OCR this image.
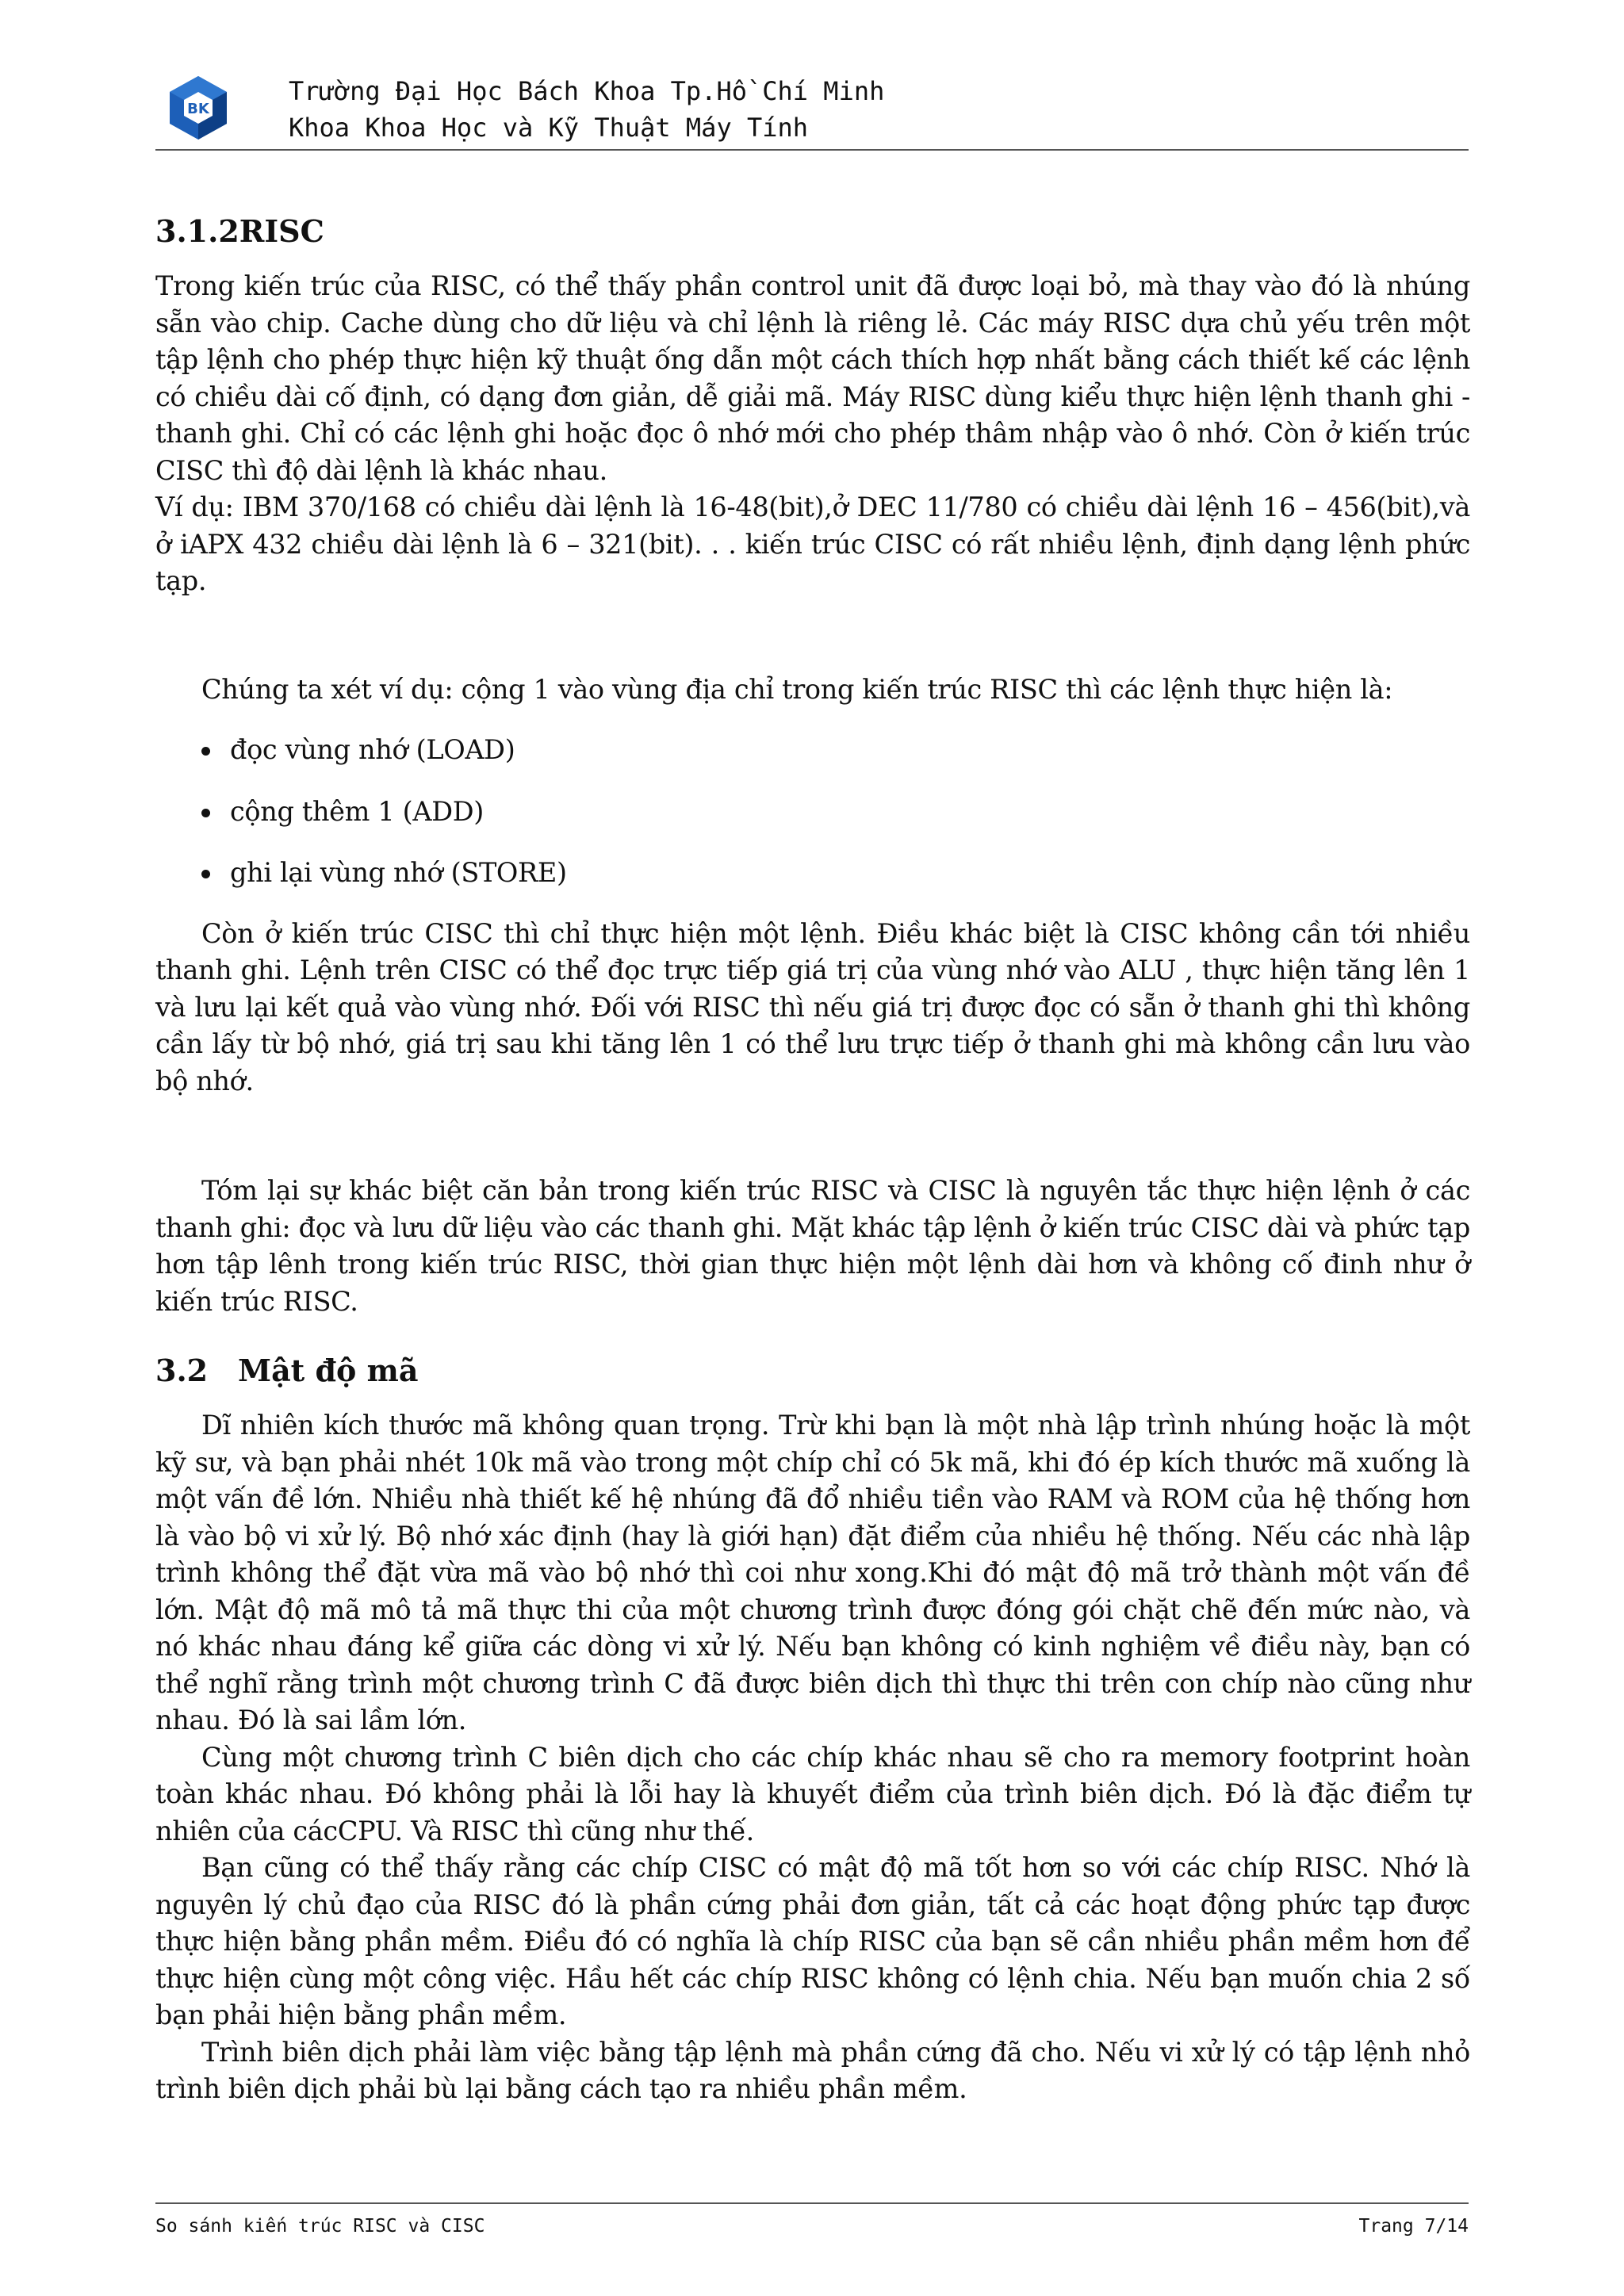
BK
Trường Đại Học Bách Khoa Tp.Hồ Chí Minh
Khoa Khoa Học và Kỹ Thuật Máy Tính
3.1.2RISC

Trong kiến trúc của RISC, có thể thấy phần control unit đã được loại bỏ, mà thay vào đó là nhúng sẵn vào chip. Cache dùng cho dữ liệu và chỉ lệnh là riêng lẻ. Các máy RISC dựa chủ yếu trên một tập lệnh cho phép thực hiện kỹ thuật ống dẫn một cách thích hợp nhất bằng cách thiết kế các lệnh có chiều dài cố định, có dạng đơn giản, dễ giải mã. Máy RISC dùng kiểu thực hiện lệnh thanh ghi - thanh ghi. Chỉ có các lệnh ghi hoặc đọc ô nhớ mới cho phép thâm nhập vào ô nhớ. Còn ở kiến trúc CISC thì độ dài lệnh là khác nhau.

Ví dụ: IBM 370/168 có chiều dài lệnh là 16-48(bit),ở DEC 11/780 có chiều dài lệnh 16 – 456(bit),và ở iAPX 432 chiều dài lệnh là 6 – 321(bit). . . kiến trúc CISC có rất nhiều lệnh, định dạng lệnh phức tạp.

Chúng ta xét ví dụ: cộng 1 vào vùng địa chỉ trong kiến trúc RISC thì các lệnh thực hiện là:

đọc vùng nhớ (LOAD)
cộng thêm 1 (ADD)
ghi lại vùng nhớ (STORE)

Còn ở kiến trúc CISC thì chỉ thực hiện một lệnh. Điều khác biệt là CISC không cần tới nhiều thanh ghi. Lệnh trên CISC có thể đọc trực tiếp giá trị của vùng nhớ vào ALU , thực hiện tăng lên 1 và lưu lại kết quả vào vùng nhớ. Đối với RISC thì nếu giá trị được đọc có sẵn ở thanh ghi thì không cần lấy từ bộ nhớ, giá trị sau khi tăng lên 1 có thể lưu trực tiếp ở thanh ghi mà không cần lưu vào bộ nhớ.

Tóm lại sự khác biệt căn bản trong kiến trúc RISC và CISC là nguyên tắc thực hiện lệnh ở các thanh ghi: đọc và lưu dữ liệu vào các thanh ghi. Mặt khác tập lệnh ở kiến trúc CISC dài và phức tạp hơn tập lênh trong kiến trúc RISC, thời gian thực hiện một lệnh dài hơn và không cố đinh như ở kiến trúc RISC.

3.2 Mật độ mã

Dĩ nhiên kích thước mã không quan trọng. Trừ khi bạn là một nhà lập trình nhúng hoặc là một kỹ sư, và bạn phải nhét 10k mã vào trong một chíp chỉ có 5k mã, khi đó ép kích thước mã xuống là một vấn đề lớn. Nhiều nhà thiết kế hệ nhúng đã đổ nhiều tiền vào RAM và ROM của hệ thống hơn là vào bộ vi xử lý. Bộ nhớ xác định (hay là giới hạn) đặt điểm của nhiều hệ thống. Nếu các nhà lập trình không thể đặt vừa mã vào bộ nhớ thì coi như xong.Khi đó mật độ mã trở thành một vấn đề lớn. Mật độ mã mô tả mã thực thi của một chương trình được đóng gói chặt chẽ đến mức nào, và nó khác nhau đáng kể giữa các dòng vi xử lý. Nếu bạn không có kinh nghiệm về điều này, bạn có thể nghĩ rằng trình một chương trình C đã được biên dịch thì thực thi trên con chíp nào cũng như nhau. Đó là sai lầm lớn.

Cùng một chương trình C biên dịch cho các chíp khác nhau sẽ cho ra memory footprint hoàn toàn khác nhau. Đó không phải là lỗi hay là khuyết điểm của trình biên dịch. Đó là đặc điểm tự nhiên của cácCPU. Và RISC thì cũng như thế.

Bạn cũng có thể thấy rằng các chíp CISC có mật độ mã tốt hơn so với các chíp RISC. Nhớ là nguyên lý chủ đạo của RISC đó là phần cứng phải đơn giản, tất cả các hoạt động phức tạp được thực hiện bằng phần mềm. Điều đó có nghĩa là chíp RISC của bạn sẽ cần nhiều phần mềm hơn để thực hiện cùng một công việc. Hầu hết các chíp RISC không có lệnh chia. Nếu bạn muốn chia 2 số bạn phải hiện bằng phần mềm.

Trình biên dịch phải làm việc bằng tập lệnh mà phần cứng đã cho. Nếu vi xử lý có tập lệnh nhỏ trình biên dịch phải bù lại bằng cách tạo ra nhiều phần mềm.

So sánh kiến trúc RISC và CISC	Trang 7/14
